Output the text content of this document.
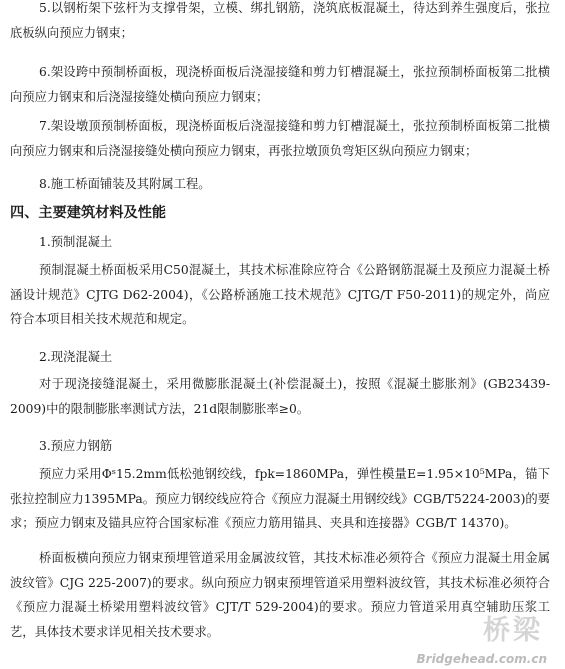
5.以钢桁架下弦杆为支撑骨架，立模、绑扎钢筋，浇筑底板混凝土，待达到养生强度后，张拉底板纵向预应力钢束；

6.架设跨中预制桥面板，现浇桥面板后浇湿接缝和剪力钉槽混凝土，张拉预制桥面板第二批横向预应力钢束和后浇湿接缝处横向预应力钢束；

7.架设墩顶预制桥面板，现浇桥面板后浇湿接缝和剪力钉槽混凝土，张拉预制桥面板第二批横向预应力钢束和后浇湿接缝处横向预应力钢束，再张拉墩顶负弯矩区纵向预应力钢束；

8.施工桥面铺装及其附属工程。

四、主要建筑材料及性能

1.预制混凝土

预制混凝土桥面板采用C50混凝土，其技术标准除应符合《公路钢筋混凝土及预应力混凝土桥涵设计规范》CJTG D62-2004)，《公路桥涵施工技术规范》CJTG/T F50-2011)的规定外，尚应符合本项目相关技术规范和规定。

2.现浇混凝土

对于现浇接缝混凝土，采用微膨胀混凝土(补偿混凝土)，按照《混凝土膨胀剂》(GB23439-2009)中的限制膨胀率测试方法，21d限制膨胀率≥0。

3.预应力钢筋

预应力采用Φˢ15.2mm低松弛钢绞线，fpk=1860MPa，弹性模量E=1.95×10⁵MPa，锚下张拉控制应力1395MPa。预应力钢绞线应符合《预应力混凝土用钢绞线》CGB/T5224-2003)的要求；预应力钢束及锚具应符合国家标准《预应力筋用锚具、夹具和连接器》CGB/T 14370)。

桥面板横向预应力钢束预埋管道采用金属波纹管，其技术标准必须符合《预应力混凝土用金属波纹管》CJG 225-2007)的要求。纵向预应力钢束预埋管道采用塑料波纹管，其技术标准必须符合《预应力混凝土桥梁用塑料波纹管》CJT/T 529-2004)的要求。预应力管道采用真空辅助压浆工艺，具体技术要求详见相关技术要求。	桥梁
Bridgehead.com.cn
